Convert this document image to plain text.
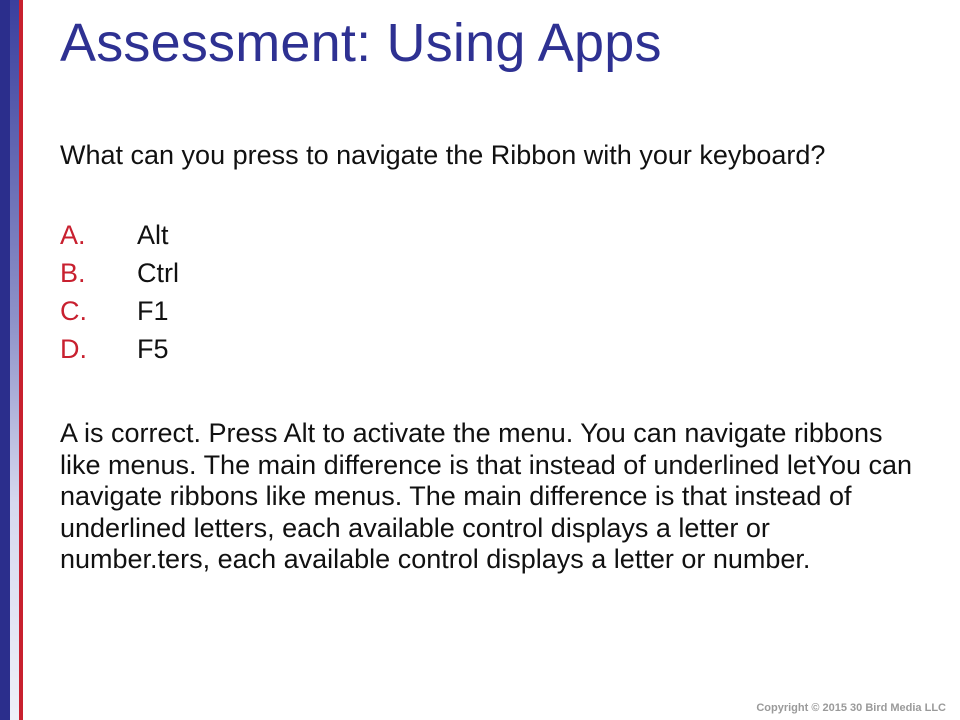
Assessment: Using Apps
What can you press to navigate the Ribbon with your keyboard?
A.	Alt
B.	Ctrl
C.	F1
D.	F5
A is correct. Press Alt to activate the menu. You can navigate ribbons like menus. The main difference is that instead of underlined letYou can navigate ribbons like menus. The main difference is that instead of underlined letters, each available control displays a letter or number.ters, each available control displays a letter or number.
Copyright © 2015 30 Bird Media LLC
